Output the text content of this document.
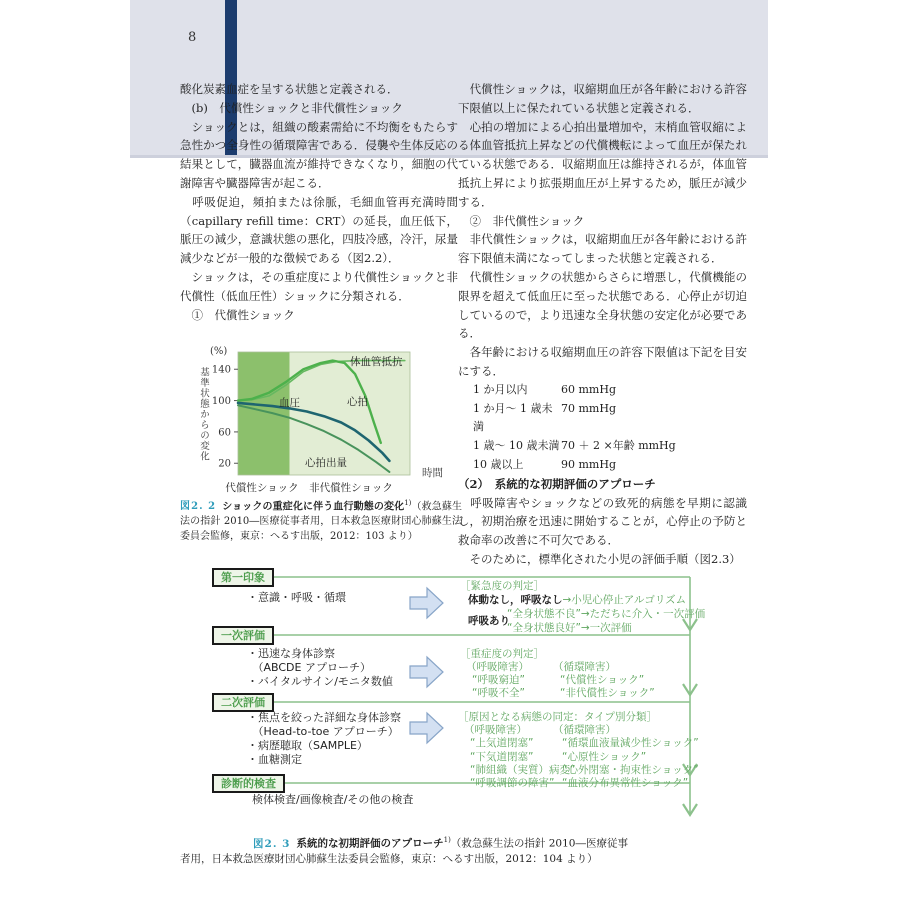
8

酸化炭素血症を呈する状態と定義される．

　(b)　代償性ショックと非代償性ショック

　ショックとは，組織の酸素需給に不均衡をもたらす急性かつ全身性の循環障害である．侵襲や生体反応の結果として，臓器血流が維持できなくなり，細胞の代謝障害や臓器障害が起こる．

　呼吸促迫，頻拍または徐脈，毛細血管再充満時間（capillary refill time：CRT）の延長，血圧低下，脈圧の減少，意識状態の悪化，四肢冷感，冷汗，尿量減少などが一般的な徴候である（図2.2）．

　ショックは，その重症度により代償性ショックと非代償性（低血圧性）ショックに分類される．

　①　代償性ショック

　代償性ショックは，収縮期血圧が各年齢における許容下限値以上に保たれている状態と定義される．

　心拍の増加による心拍出量増加や，末梢血管収縮による体血管抵抗上昇などの代償機転によって血圧が保たれている状態である．収縮期血圧は維持されるが，体血管抵抗上昇により拡張期血圧が上昇するため，脈圧が減少する．

　②　非代償性ショック

　非代償性ショックは，収縮期血圧が各年齢における許容下限値未満になってしまった状態と定義される．

　代償性ショックの状態からさらに増悪し，代償機能の限界を超えて低血圧に至った状態である．心停止が切迫しているので，より迅速な全身状態の安定化が必要である．

　各年齢における収縮期血圧の許容下限値は下記を目安にする．

1 か月以内	60 mmHg
1 か月～ 1 歳未満
70 mmHg
1 歳～ 10 歳未満 70 ＋ 2 ×年齢 mmHg
10 歳以上	90 mmHg

（2）　系統的な初期評価のアプローチ

　呼吸障害やショックなどの致死的病態を早期に認識し，初期治療を迅速に開始することが，心停止の予防と救命率の改善に不可欠である．

　そのために，標準化された小児の評価手順（図2.3）

20
60
100
140
(%)
基準状態からの変化
時間
体血管抵抗
心拍
血圧
心拍出量
代償性ショック 非代償性ショック
図2. 2 ショックの重症化に伴う血行動態の変化$^{1)}$（救急蘇生法の指針 2010―医療従事者用，日本救急医療財団心肺蘇生法委員会監修，東京：へるす出版，2012：103 より）
第一印象
一次評価
二次評価
診断的検査
・意識・呼吸・循環
［緊急度の判定］
体動なし，呼吸なし→小児心停止アルゴリズム
呼吸あり
“全身状態不良”→ただちに介入・一次評価
“全身状態良好”→一次評価
・迅速な身体診察
　（ABCDE アプローチ）
・バイタルサイン/モニタ数値
［重症度の判定］
（呼吸障害）
“呼吸窮迫”
“呼吸不全”
（循環障害）
“代償性ショック”
“非代償性ショック”
・焦点を絞った詳細な身体診察
　（Head-to-toe アプローチ）
・病歴聴取（SAMPLE）
・血糖測定
［原因となる病態の同定：タイプ別分類］
（呼吸障害）
“上気道閉塞”
“下気道閉塞”
“肺組織（実質）病変”
“呼吸調節の障害”
（循環障害）
“循環血液量減少性ショック”
“心原性ショック”
“心外閉塞・拘束性ショック”
“血液分布異常性ショック”
検体検査/画像検査/その他の検査
図2. 3 系統的な初期評価のアプローチ$^{1)}$（救急蘇生法の指針 2010―医療従事者用，日本救急医療財団心肺蘇生法委員会監修，東京：へるす出版，2012：104 より）
